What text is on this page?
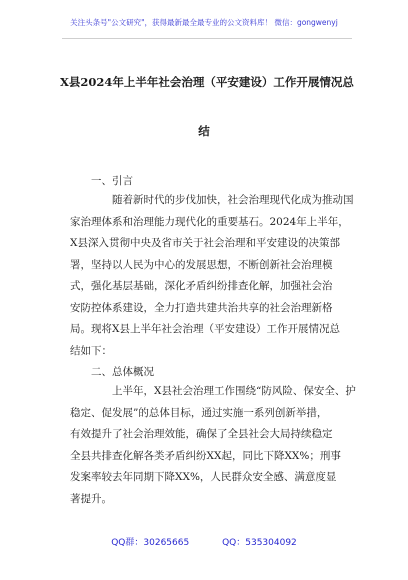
关注头条号"公文研究"，获得最新最全最专业的公文资料库！ 微信：gongwenyj
X县2024年上半年社会治理（平安建设）工作开展情况总
结
一、引言
随着新时代的步伐加快，社会治理现代化成为推动国
家治理体系和治理能力现代化的重要基石。2024年上半年，
X县深入贯彻中央及省市关于社会治理和平安建设的决策部
署，坚持以人民为中心的发展思想，不断创新社会治理模
式，强化基层基础，深化矛盾纠纷排查化解，加强社会治
安防控体系建设，全力打造共建共治共享的社会治理新格
局。现将X县上半年社会治理（平安建设）工作开展情况总
结如下：
二、总体概况
上半年，X县社会治理工作围绕“防风险、保安全、护
稳定、促发展”的总体目标，通过实施一系列创新举措，
有效提升了社会治理效能，确保了全县社会大局持续稳定
全县共排查化解各类矛盾纠纷XX起，同比下降XX%；刑事
发案率较去年同期下降XX%，人民群众安全感、满意度显
著提升。
QQ群：30265665	QQ：535304092
